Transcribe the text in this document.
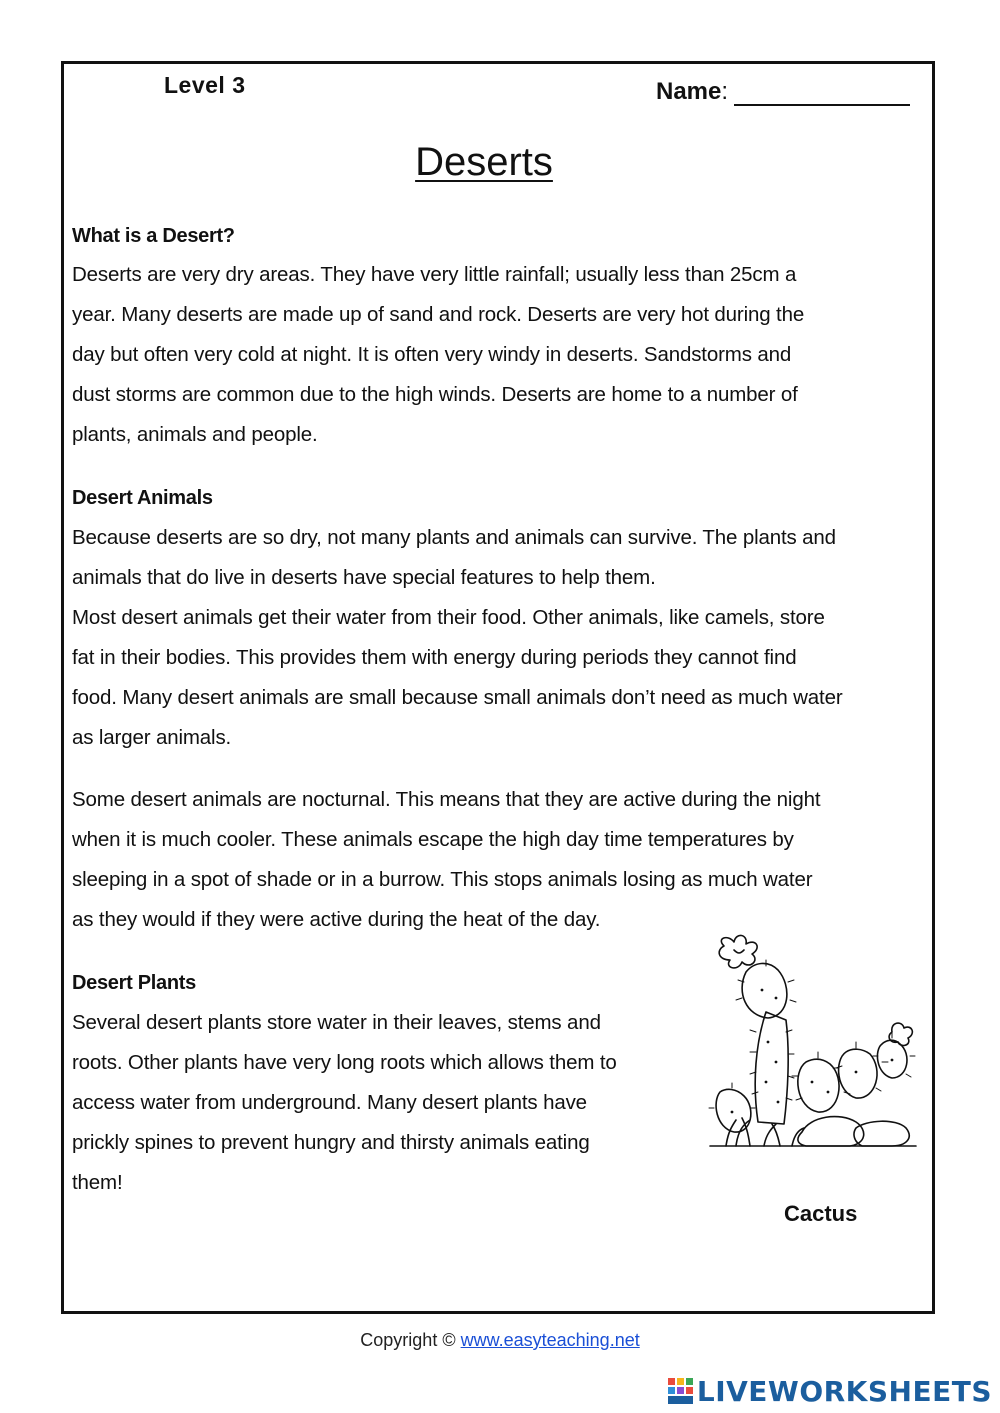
Level 3	Name:
Deserts
What is a Desert?
Deserts are very dry areas. They have very little rainfall; usually less than 25cm a
year. Many deserts are made up of sand and rock. Deserts are very hot during the
day but often very cold at night. It is often very windy in deserts. Sandstorms and
dust storms are common due to the high winds. Deserts are home to a number of
plants, animals and people.
Desert Animals
Because deserts are so dry, not many plants and animals can survive. The plants and
animals that do live in deserts have special features to help them.
Most desert animals get their water from their food. Other animals, like camels, store
fat in their bodies. This provides them with energy during periods they cannot find
food. Many desert animals are small because small animals don’t need as much water
as larger animals.
Some desert animals are nocturnal. This means that they are active during the night
when it is much cooler. These animals escape the high day time temperatures by
sleeping in a spot of shade or in a burrow. This stops animals losing as much water
as they would if they were active during the heat of the day.
Desert Plants
Several desert plants store water in their leaves, stems and
roots. Other plants have very long roots which allows them to
access water from underground. Many desert plants have
prickly spines to prevent hungry and thirsty animals eating
them!
Cactus
Copyright © www.easyteaching.net
LIVEWORKSHEETS
